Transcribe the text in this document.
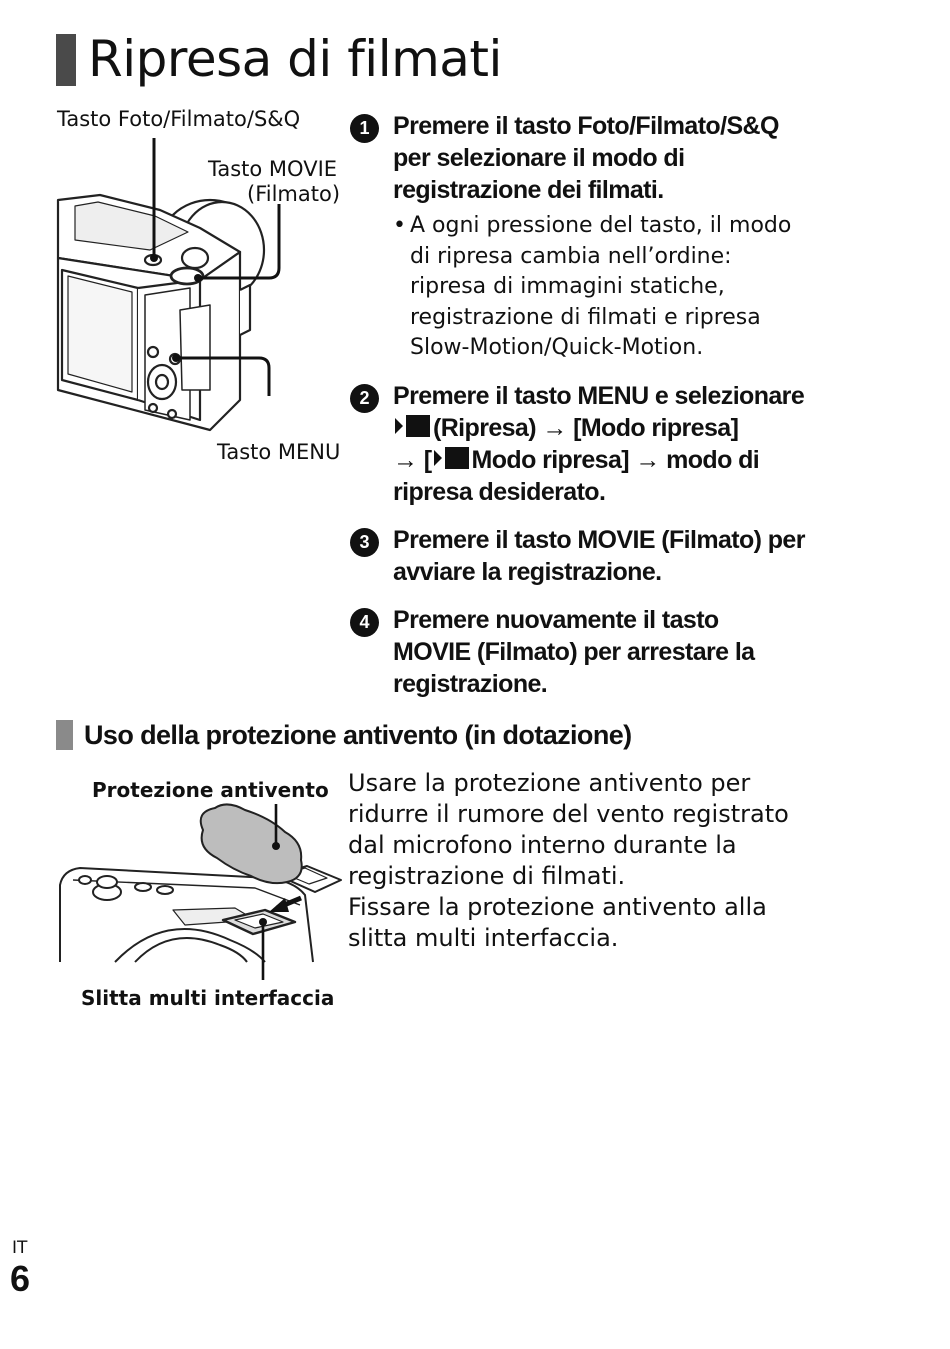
Ripresa di filmati
Tasto Foto/Filmato/S&Q
Tasto MOVIE
(Filmato)
Tasto MENU
1 Premere il tasto Foto/Filmato/S&Q
per selezionare il modo di
registrazione dei filmati.
• A ogni pressione del tasto, il modo
di ripresa cambia nell’ordine:
ripresa di immagini statiche,
registrazione di filmati e ripresa
Slow-Motion/Quick-Motion.
2 Premere il tasto MENU e selezionare
(Ripresa) → [Modo ripresa]
→ [ Modo ripresa] → modo di
ripresa desiderato.
3 Premere il tasto MOVIE (Filmato) per
avviare la registrazione.
4 Premere nuovamente il tasto
MOVIE (Filmato) per arrestare la
registrazione.
Uso della protezione antivento (in dotazione)
Protezione antivento
Slitta multi interfaccia
Usare la protezione antivento per
ridurre il rumore del vento registrato
dal microfono interno durante la
registrazione di filmati.
Fissare la protezione antivento alla
slitta multi interfaccia.
IT
6
